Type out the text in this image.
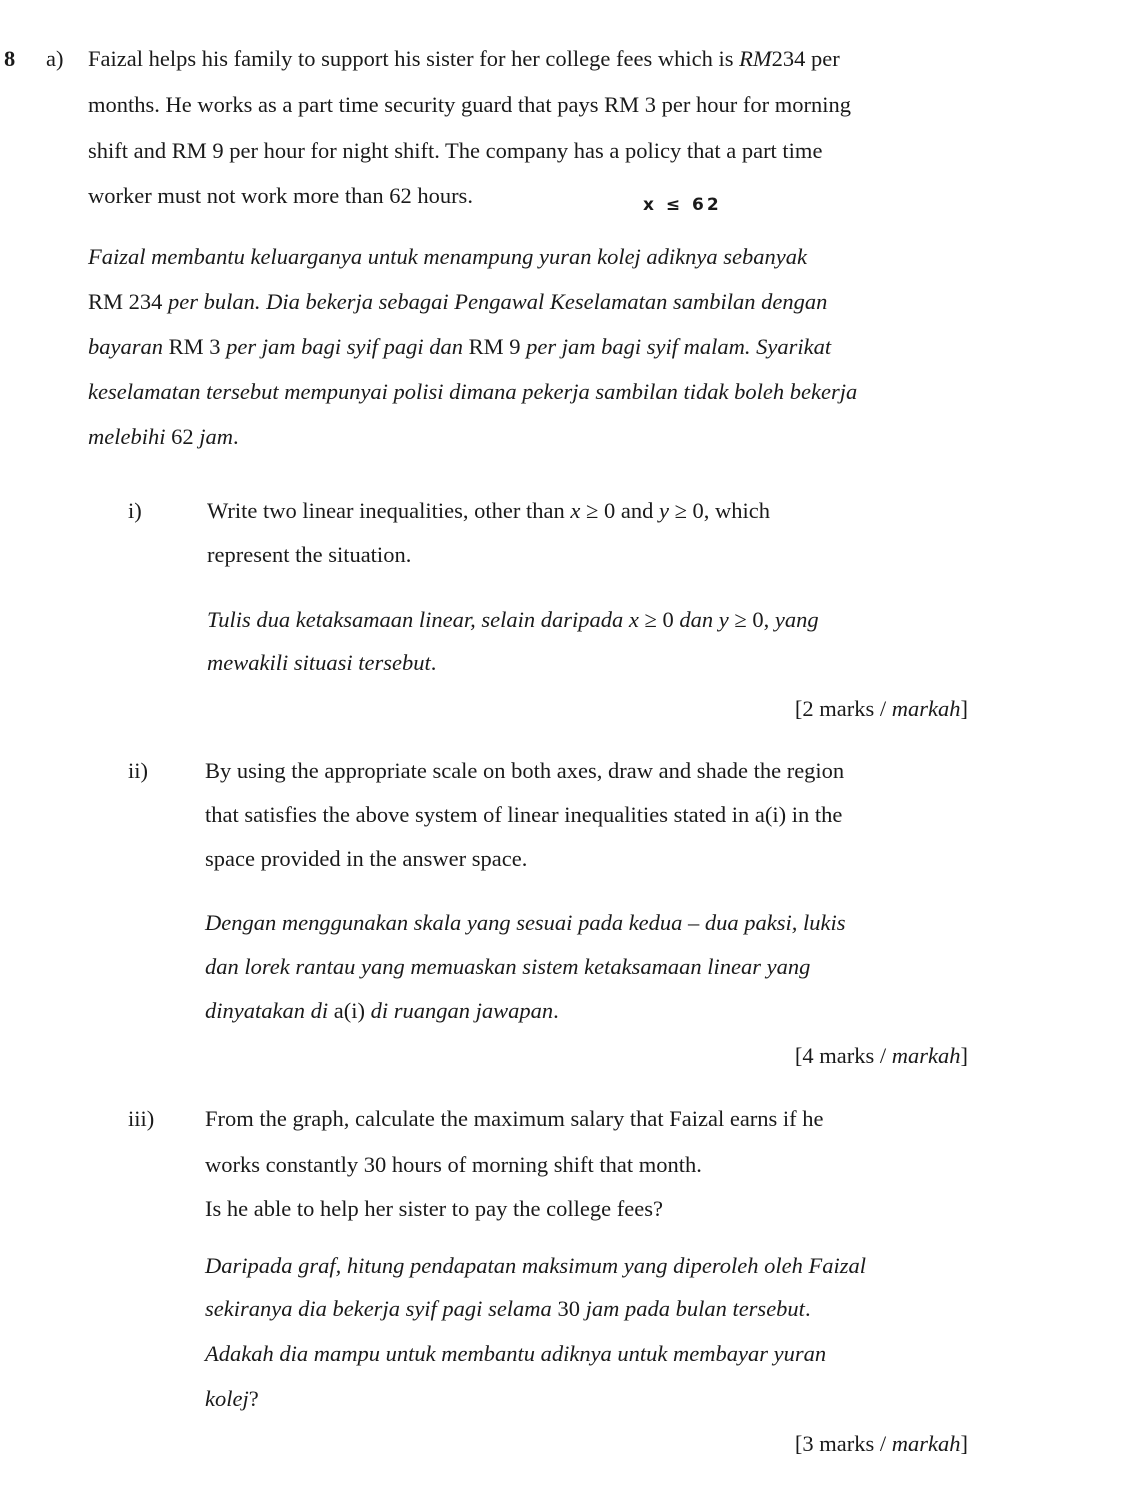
8 a) Faizal helps his family to support his sister for her college fees which is RM234 per
months. He works as a part time security guard that pays RM 3 per hour for morning
shift and RM 9 per hour for night shift. The company has a policy that a part time
worker must not work more than 62 hours.	x ≤ 62
Faizal membantu keluarganya untuk menampung yuran kolej adiknya sebanyak
RM 234 per bulan. Dia bekerja sebagai Pengawal Keselamatan sambilan dengan
bayaran RM 3 per jam bagi syif pagi dan RM 9 per jam bagi syif malam. Syarikat
keselamatan tersebut mempunyai polisi dimana pekerja sambilan tidak boleh bekerja
melebihi 62 jam.
i)	Write two linear inequalities, other than x ≥ 0 and y ≥ 0, which
represent the situation.
Tulis dua ketaksamaan linear, selain daripada x ≥ 0 dan y ≥ 0, yang
mewakili situasi tersebut.
[2 marks / markah]
ii)	By using the appropriate scale on both axes, draw and shade the region
that satisfies the above system of linear inequalities stated in a(i) in the
space provided in the answer space.
Dengan menggunakan skala yang sesuai pada kedua – dua paksi, lukis
dan lorek rantau yang memuaskan sistem ketaksamaan linear yang
dinyatakan di a(i) di ruangan jawapan.
[4 marks / markah]
iii) From the graph, calculate the maximum salary that Faizal earns if he
works constantly 30 hours of morning shift that month.
Is he able to help her sister to pay the college fees?
Daripada graf, hitung pendapatan maksimum yang diperoleh oleh Faizal
sekiranya dia bekerja syif pagi selama 30 jam pada bulan tersebut.
Adakah dia mampu untuk membantu adiknya untuk membayar yuran
kolej?
[3 marks / markah]
